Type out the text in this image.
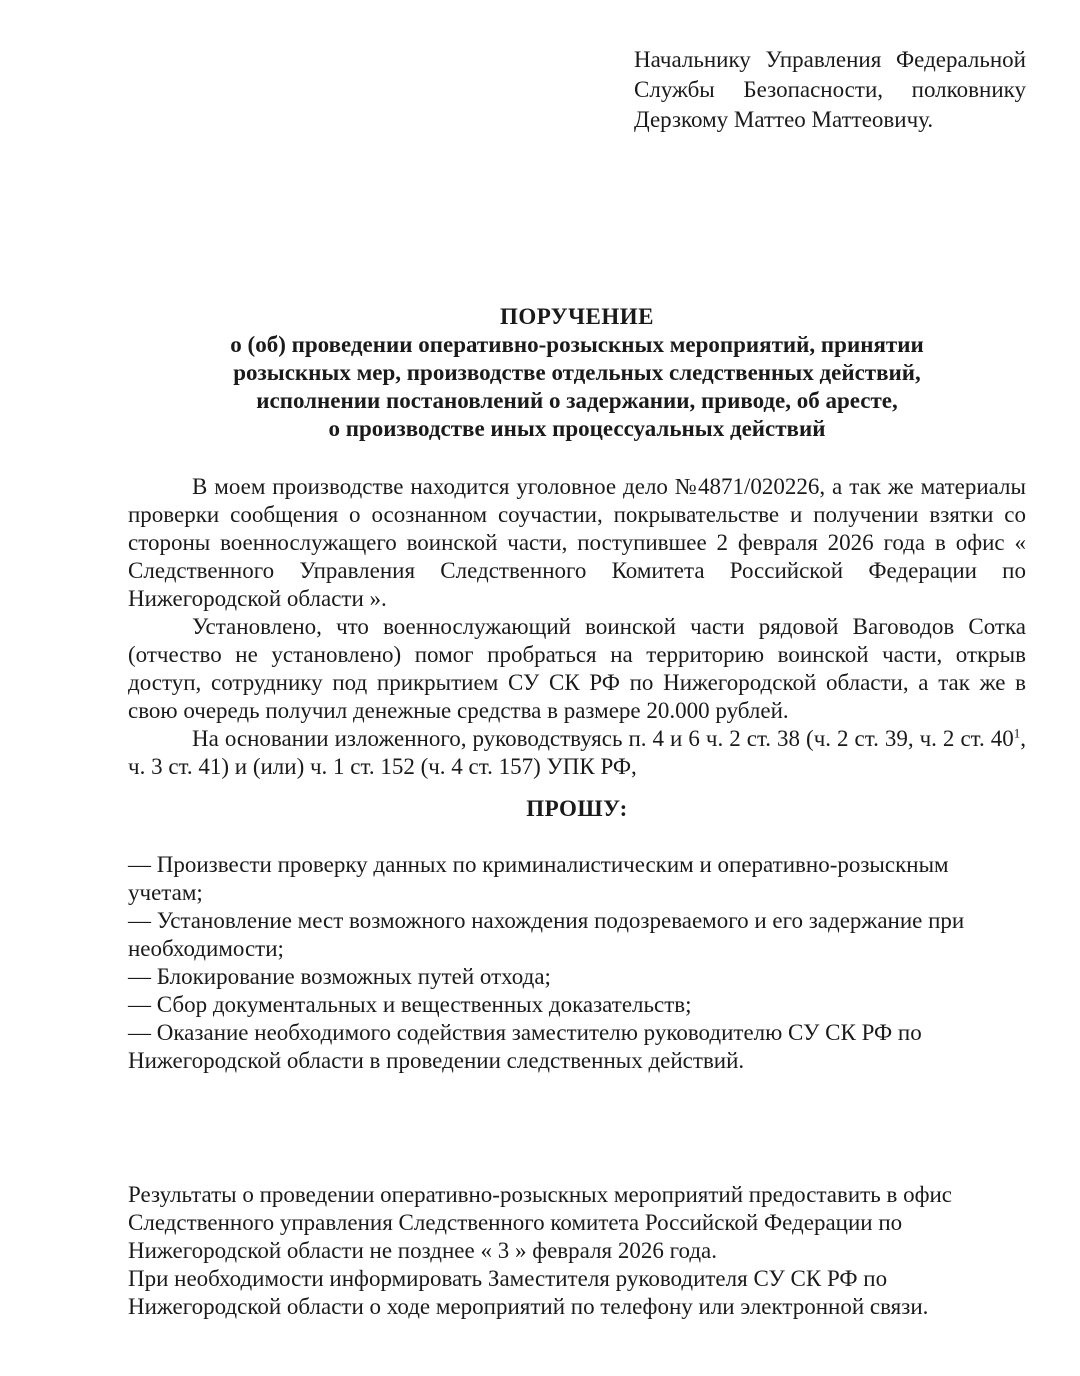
Начальнику Управления Федеральной Службы Безопасности, полковнику Дерзкому Маттео Маттеовичу.
ПОРУЧЕНИЕ
о (об) проведении оперативно-розыскных мероприятий, принятии
розыскных мер, производстве отдельных следственных действий,
исполнении постановлений о задержании, приводе, об аресте,
о производстве иных процессуальных действий

В моем производстве находится уголовное дело №4871/020226, а так же материалы проверки сообщения о осознанном соучастии, покрывательстве и получении взятки со стороны военнослужащего воинской части, поступившее 2 февраля 2026 года в офис « Следственного Управления Следственного Комитета Российской Федерации по Нижегородской области ».

Установлено, что военнослужающий воинской части рядовой Ваговодов Сотка (отчество не установлено) помог пробраться на территорию воинской части, открыв доступ, сотруднику под прикрытием СУ СК РФ по Нижегородской области, а так же в свою очередь получил денежные средства в размере 20.000 рублей.

На основании изложенного, руководствуясь п. 4 и 6 ч. 2 ст. 38 (ч. 2 ст. 39, ч. 2 ст. $40^1$, ч. 3 ст. 41) и (или) ч. 1 ст. 152 (ч. 4 ст. 157) УПК РФ,

ПРОШУ:

— Произвести проверку данных по криминалистическим и оперативно-розыскным учетам;

— Установление мест возможного нахождения подозреваемого и его задержание при необходимости;

— Блокирование возможных путей отхода;

— Сбор документальных и вещественных доказательств;

— Оказание необходимого содействия заместителю руководителю СУ СК РФ по Нижегородской области в проведении следственных действий.

Результаты о проведении оперативно-розыскных мероприятий предоставить в офис Следственного управления Следственного комитета Российской Федерации по Нижегородской области не позднее « 3 » февраля 2026 года.

При необходимости информировать Заместителя руководителя СУ СК РФ по Нижегородской области о ходе мероприятий по телефону или электронной связи.
